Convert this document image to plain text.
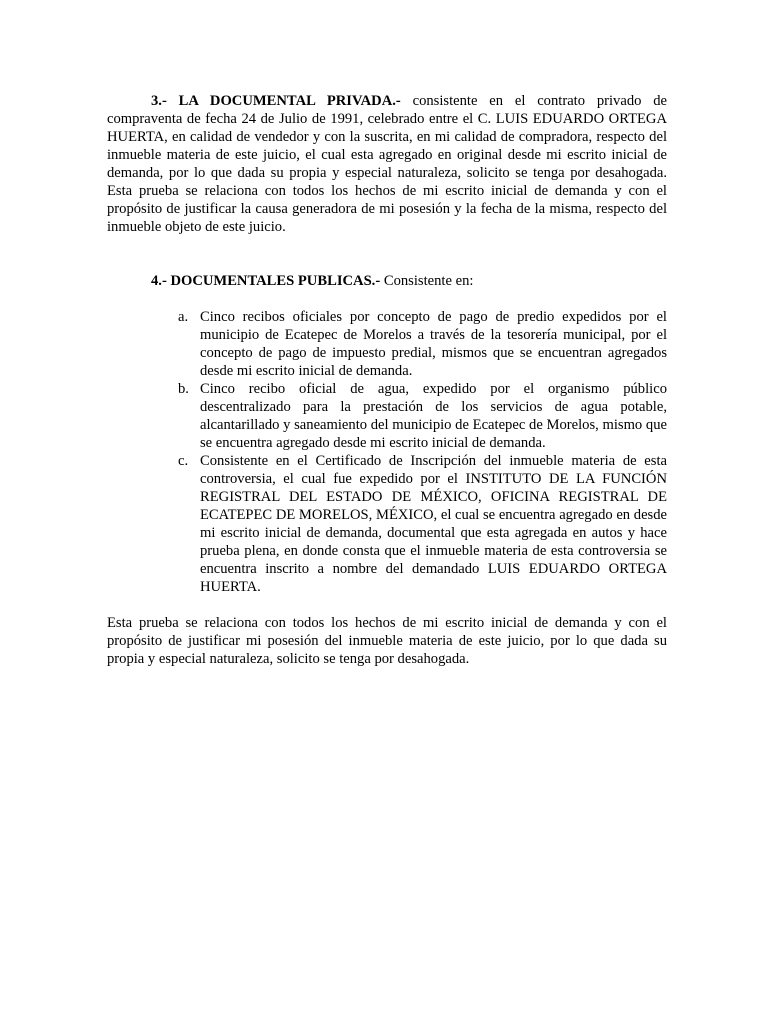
3.- LA DOCUMENTAL PRIVADA.- consistente en el contrato privado de compraventa de fecha 24 de Julio de 1991, celebrado entre el C. LUIS EDUARDO ORTEGA HUERTA, en calidad de vendedor y con la suscrita, en mi calidad de compradora, respecto del inmueble materia de este juicio, el cual esta agregado en original desde mi escrito inicial de demanda, por lo que dada su propia y especial naturaleza, solicito se tenga por desahogada. Esta prueba se relaciona con todos los hechos de mi escrito inicial de demanda y con el propósito de justificar la causa generadora de mi posesión y la fecha de la misma, respecto del inmueble objeto de este juicio.

4.- DOCUMENTALES PUBLICAS.- Consistente en:

a. Cinco recibos oficiales por concepto de pago de predio expedidos por el municipio de Ecatepec de Morelos a través de la tesorería municipal, por el concepto de pago de impuesto predial, mismos que se encuentran agregados desde mi escrito inicial de demanda.
b. Cinco recibo oficial de agua, expedido por el organismo público descentralizado para la prestación de los servicios de agua potable, alcantarillado y saneamiento del municipio de Ecatepec de Morelos, mismo que se encuentra agregado desde mi escrito inicial de demanda.
c. Consistente en el Certificado de Inscripción del inmueble materia de esta controversia, el cual fue expedido por el INSTITUTO DE LA FUNCIÓN REGISTRAL DEL ESTADO DE MÉXICO, OFICINA REGISTRAL DE ECATEPEC DE MORELOS, MÉXICO, el cual se encuentra agregado en desde mi escrito inicial de demanda, documental que esta agregada en autos y hace prueba plena, en donde consta que el inmueble materia de esta controversia se encuentra inscrito a nombre del demandado LUIS EDUARDO ORTEGA HUERTA.

Esta prueba se relaciona con todos los hechos de mi escrito inicial de demanda y con el propósito de justificar mi posesión del inmueble materia de este juicio, por lo que dada su propia y especial naturaleza, solicito se tenga por desahogada.
